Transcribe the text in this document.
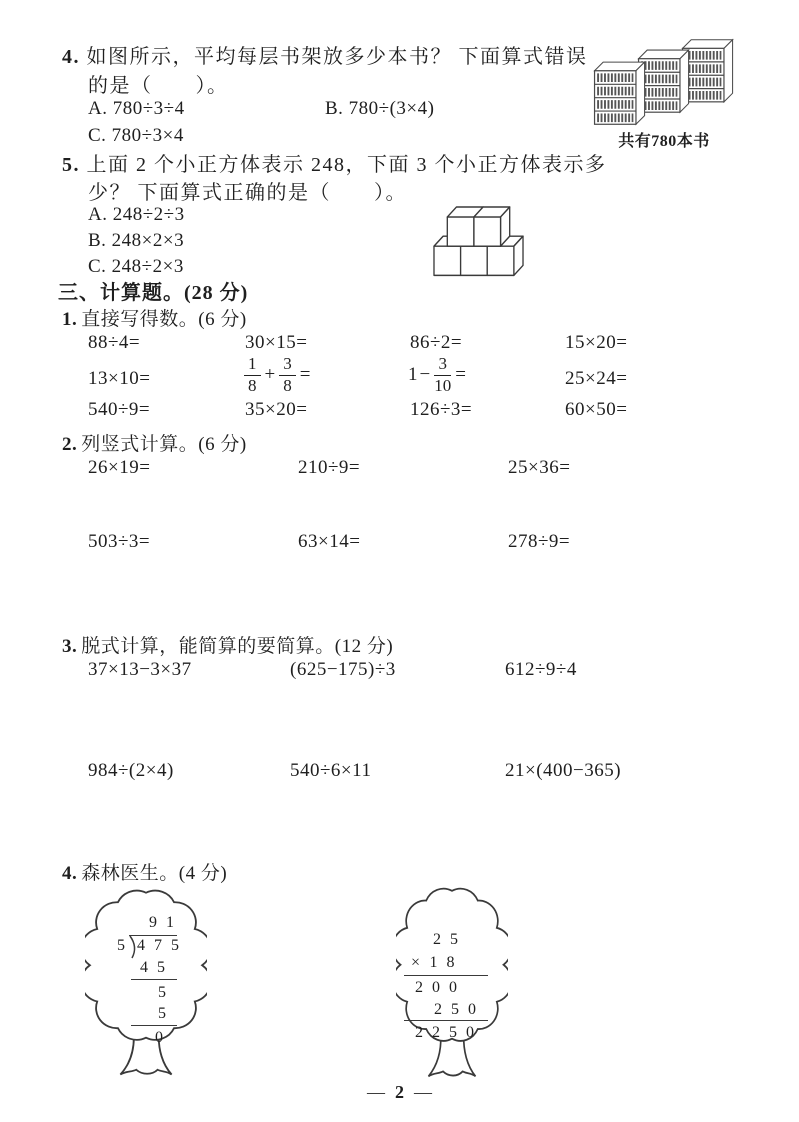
4. 如图所示，平均每层书架放多少本书？ 下面算式错误
的是（　　）。
A. 780÷3÷4	B. 780÷(3×4)
C. 780÷3×4	共有780本书
5. 上面 2 个小正方体表示 248，下面 3 个小正方体表示多
少？ 下面算式正确的是（　　）。
A. 248÷2÷3
B. 248×2×3
C. 248÷2×3
三、计算题。(28 分)
1. 直接写得数。(6 分)
88÷4=	30×15=	86÷2=	15×20=
13×10=	$\frac{1}{8} + \frac{3}{8}$ =	$1 - \frac{3}{10}$ =	25×24=
540÷9=	35×20=	126÷3=	60×50=
2. 列竖式计算。(6 分)
26×19=	210÷9=	25×36=
503÷3=	63×14=	278÷9=
3. 脱式计算，能简算的要简算。(12 分)
37×13−3×37	(625−175)÷3	612÷9÷4
984÷(2×4)	540÷6×11	21×(400−365)
4. 森林医生。(4 分)
9 1
5 4 7 5
4 5
5
5
0
2 5
× 1 8
2 0 0
2 5 0
2 2 5 0
— 2 —
